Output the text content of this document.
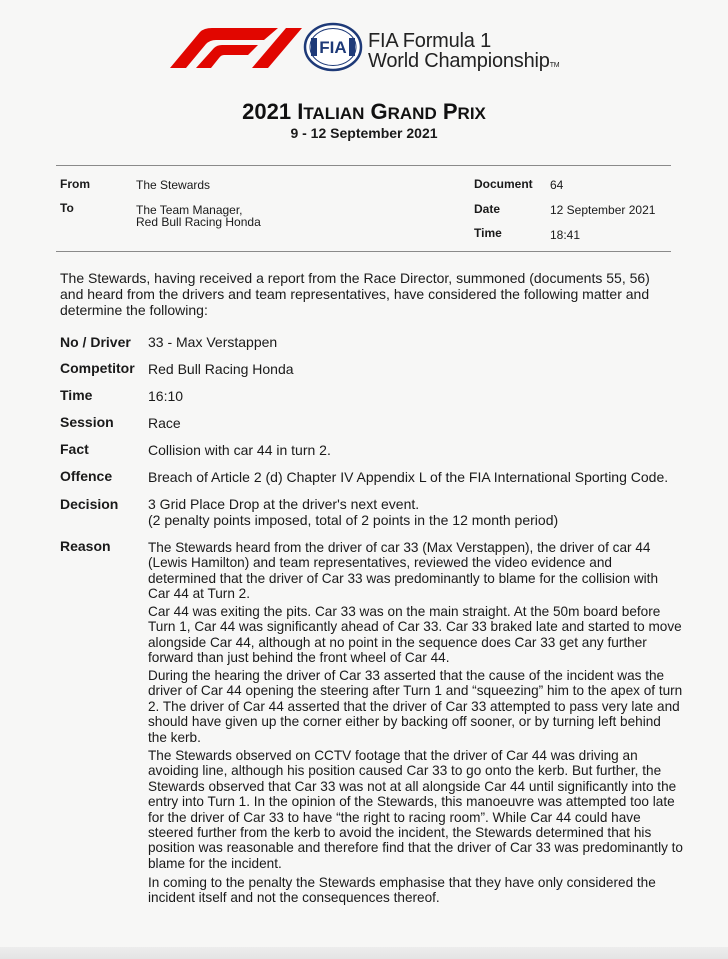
FIA FIA Formula 1
World ChampionshipTM
2021 ITALIAN GRAND PRIX
9 - 12 September 2021
From	The Stewards
To	The Team Manager,
Red Bull Racing Honda
Document 64
Date	12 September 2021
Time	18:41
The Stewards, having received a report from the Race Director, summoned (documents 55, 56) and heard from the drivers and team representatives, have considered the following matter and determine the following:
No / Driver 33 - Max Verstappen
Competitor Red Bull Racing Honda
Time	16:10
Session Race
Fact	Collision with car 44 in turn 2.
Offence	Breach of Article 2 (d) Chapter IV Appendix L of the FIA International Sporting Code.
Decision 3 Grid Place Drop at the driver's next event.
(2 penalty points imposed, total of 2 points in the 12 month period)
Reason	The Stewards heard from the driver of car 33 (Max Verstappen), the driver of car 44 (Lewis Hamilton) and team representatives, reviewed the video evidence and determined that the driver of Car 33 was predominantly to blame for the collision with Car 44 at Turn 2.
Car 44 was exiting the pits. Car 33 was on the main straight. At the 50m board before Turn 1, Car 44 was significantly ahead of Car 33. Car 33 braked late and started to move alongside Car 44, although at no point in the sequence does Car 33 get any further forward than just behind the front wheel of Car 44.
During the hearing the driver of Car 33 asserted that the cause of the incident was the driver of Car 44 opening the steering after Turn 1 and “squeezing” him to the apex of turn 2. The driver of Car 44 asserted that the driver of Car 33 attempted to pass very late and should have given up the corner either by backing off sooner, or by turning left behind the kerb.
The Stewards observed on CCTV footage that the driver of Car 44 was driving an avoiding line, although his position caused Car 33 to go onto the kerb. But further, the Stewards observed that Car 33 was not at all alongside Car 44 until significantly into the entry into Turn 1. In the opinion of the Stewards, this manoeuvre was attempted too late for the driver of Car 33 to have “the right to racing room”. While Car 44 could have steered further from the kerb to avoid the incident, the Stewards determined that his position was reasonable and therefore find that the driver of Car 33 was predominantly to blame for the incident.
In coming to the penalty the Stewards emphasise that they have only considered the incident itself and not the consequences thereof.
